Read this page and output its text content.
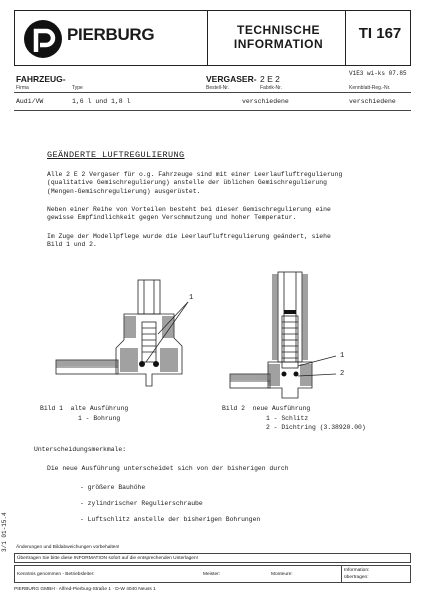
PIERBURG	TECHNISCHE
INFORMATION
TI 167
V1E3 wi-ks 07.85
FAHRZEUG-
Firma	Type
VERGASER- 2 E 2
Bestell-Nr.	Fabrik-Nr.	Kennblatt-Reg.-Nr.
Audi/VW	1,6 l und 1,8 l	verschiedene	verschiedene
GEÄNDERTE LUFTREGULIERUNG
Alle 2 E 2 Vergaser für o.g. Fahrzeuge sind mit einer Leerlaufluftregulierung
(qualitative Gemischregulierung) anstelle der üblichen Gemischregulierung
(Mengen-Gemischregulierung) ausgerüstet.
Neben einer Reihe von Vorteilen besteht bei dieser Gemischregulierung eine
gewisse Empfindlichkeit gegen Verschmutzung und hoher Temperatur.
Im Zuge der Modellpflege wurde die Leerlaufluftregulierung geändert, siehe
Bild 1 und 2.
1
Bild 1  alte Ausführung
1 - Bohrung
1
2
Bild 2  neue Ausführung
1 - Schlitz
2 - Dichtring (3.38920.00)
Unterscheidungsmerkmale:
Die neue Ausführung unterscheidet sich von der bisherigen durch
- größere Bauhöhe
- zylindrischer Regulierschraube
- Luftschlitz anstelle der bisherigen Bohrungen
Änderungen und Bildabweichungen vorbehalten!
Übertragen Sie bitte diese INFORMATION sofort auf die entsprechenden Unterlagen!
Kenntnis genommen - Betriebsleiter:	Meister:	Monteure:
Information:
übertragen:
PIERBURG GMBH · Alfred-Pierburg-Straße 1 · D-W 4040 Neuss 1
3/1 01-15.4
